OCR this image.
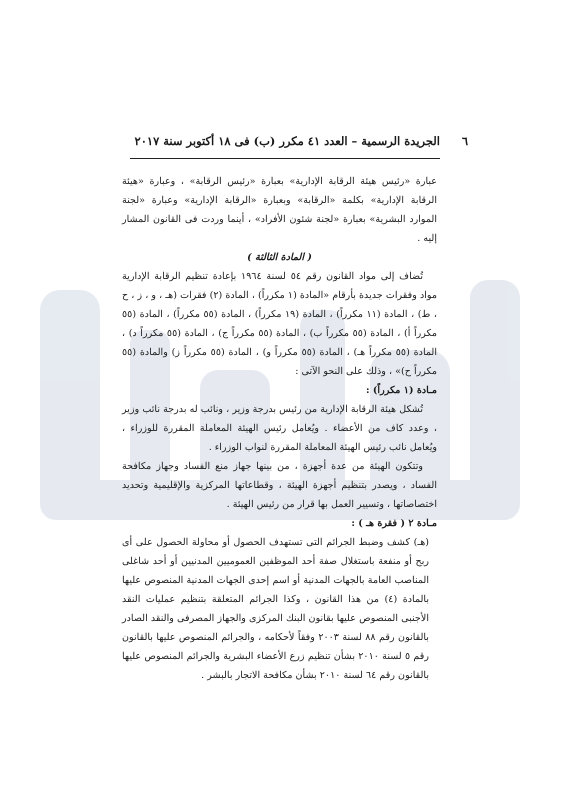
٦
الجريدة الرسمية – العدد ٤١ مكرر (ب) فى ١٨ أكتوبر سنة ٢٠١٧

عبارة «رئيس هيئة الرقابة الإدارية» بعبارة «رئيس الرقابة» ، وعبارة «هيئة الرقابة الإدارية» بكلمة «الرقابة» وبعبارة «الرقابة الإدارية» وعبارة «لجنة الموارد البشرية» بعبارة «لجنة شئون الأفراد» ، أينما وردت فى القانون المشار إليه .

( المادة الثالثة )

تُضاف إلى مواد القانون رقم ٥٤ لسنة ١٩٦٤ بإعادة تنظيم الرقابة الإدارية مواد وفقرات جديدة بأرقام «المادة (١ مكرراً) ، المادة (٢) فقرات (هـ ، و ، ز ، ح ، ط) ، المادة (١١ مكرراً) ، المادة (١٩ مكرراً) ، المادة (٥٥ مكرراً) ، المادة (٥٥ مكرراً أ) ، المادة (٥٥ مكرراً ب) ، المادة (٥٥ مكرراً ج) ، المادة (٥٥ مكرراً د) ، المادة (٥٥ مكرراً هـ) ، المادة (٥٥ مكرراً و) ، المادة (٥٥ مكرراً ز) والمادة (٥٥ مكرراً ح)» ، وذلك على النحو الآتى :

مـادة (١ مكرراً) :

تُشكل هيئة الرقابة الإدارية من رئيس بدرجة وزير ، ونائب له بدرجة نائب وزير ، وعدد كاف من الأعضاء . ويُعامل رئيس الهيئة المعاملة المقررة للوزراء ، ويُعامل نائب رئيس الهيئة المعاملة المقررة لنواب الوزراء .

وتتكون الهيئة من عدة أجهزة ، من بينها جهاز منع الفساد وجهاز مكافحة الفساد ، ويصدر بتنظيم أجهزة الهيئة ، وقطاعاتها المركزية والإقليمية وتحديد اختصاصاتها ، وتسيير العمل بها قرار من رئيس الهيئة .

مـادة ٢ ( فقرة هـ ) :

(هـ) كشف وضبط الجرائم التى تستهدف الحصول أو محاولة الحصول على أى ربح أو منفعة باستغلال صفة أحد الموظفين العموميين المدنيين أو أحد شاغلى المناصب العامة بالجهات المدنية أو اسم إحدى الجهات المدنية المنصوص عليها بالمادة (٤) من هذا القانون ، وكذا الجرائم المتعلقة بتنظيم عمليات النقد الأجنبى المنصوص عليها بقانون البنك المركزى والجهاز المصرفى والنقد الصادر بالقانون رقم ٨٨ لسنة ٢٠٠٣ وفقاً لأحكامه ، والجرائم المنصوص عليها بالقانون رقم ٥ لسنة ٢٠١٠ بشأن تنظيم زرع الأعضاء البشرية والجرائم المنصوص عليها بالقانون رقم ٦٤ لسنة ٢٠١٠ بشأن مكافحة الاتجار بالبشر .
